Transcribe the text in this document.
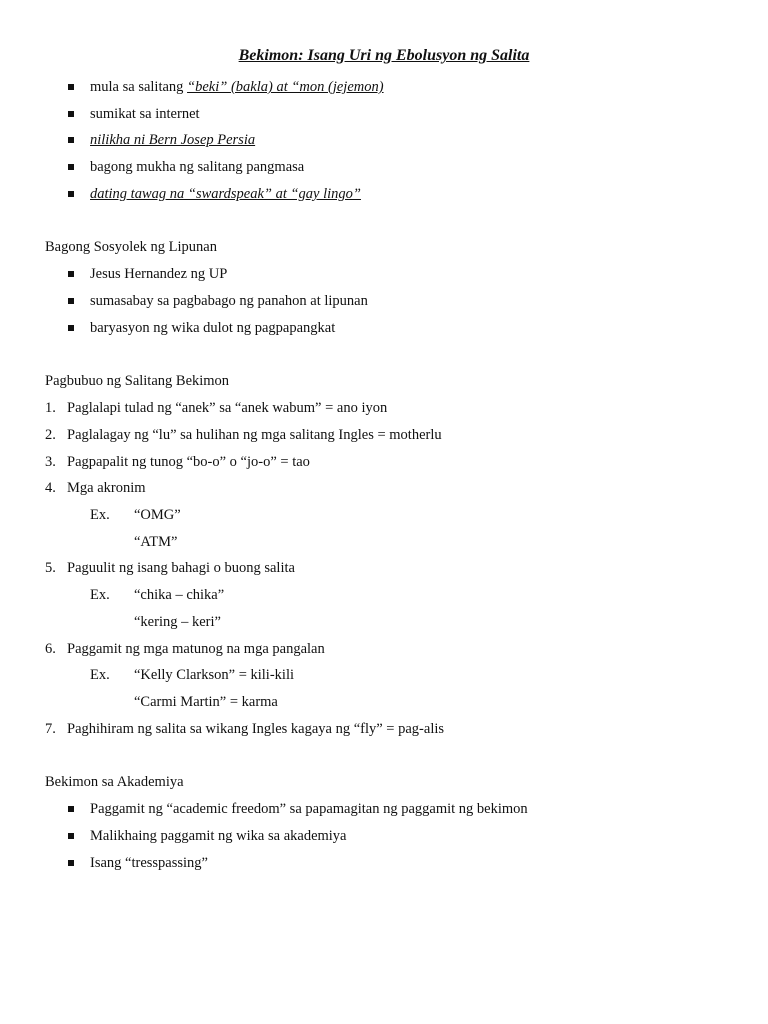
Bekimon: Isang Uri ng Ebolusyon ng Salita
mula sa salitang “beki” (bakla) at “mon (jejemon)
sumikat sa internet
nilikha ni Bern Josep Persia
bagong mukha ng salitang pangmasa
dating tawag na “swardspeak” at “gay lingo”
Bagong Sosyolek ng Lipunan
Jesus Hernandez ng UP
sumasabay sa pagbabago ng panahon at lipunan
baryasyon ng wika dulot ng pagpapangkat
Pagbubuo ng Salitang Bekimon
1. Paglalapi tulad ng “anek” sa “anek wabum” = ano iyon
2. Paglalagay ng “lu” sa hulihan ng mga salitang Ingles = motherlu
3. Pagpapalit ng tunog “bo-o” o “jo-o” = tao
4. Mga akronim
Ex. “OMG”
“ATM”
5. Paguulit ng isang bahagi o buong salita
Ex. “chika – chika”
“kering – keri”
6. Paggamit ng mga matunog na mga pangalan
Ex. “Kelly Clarkson” = kili-kili
“Carmi Martin” = karma
7. Paghihiram ng salita sa wikang Ingles kagaya ng “fly” = pag-alis
Bekimon sa Akademiya
Paggamit ng “academic freedom” sa papamagitan ng paggamit ng bekimon
Malikhaing paggamit ng wika sa akademiya
Isang “tresspassing”
